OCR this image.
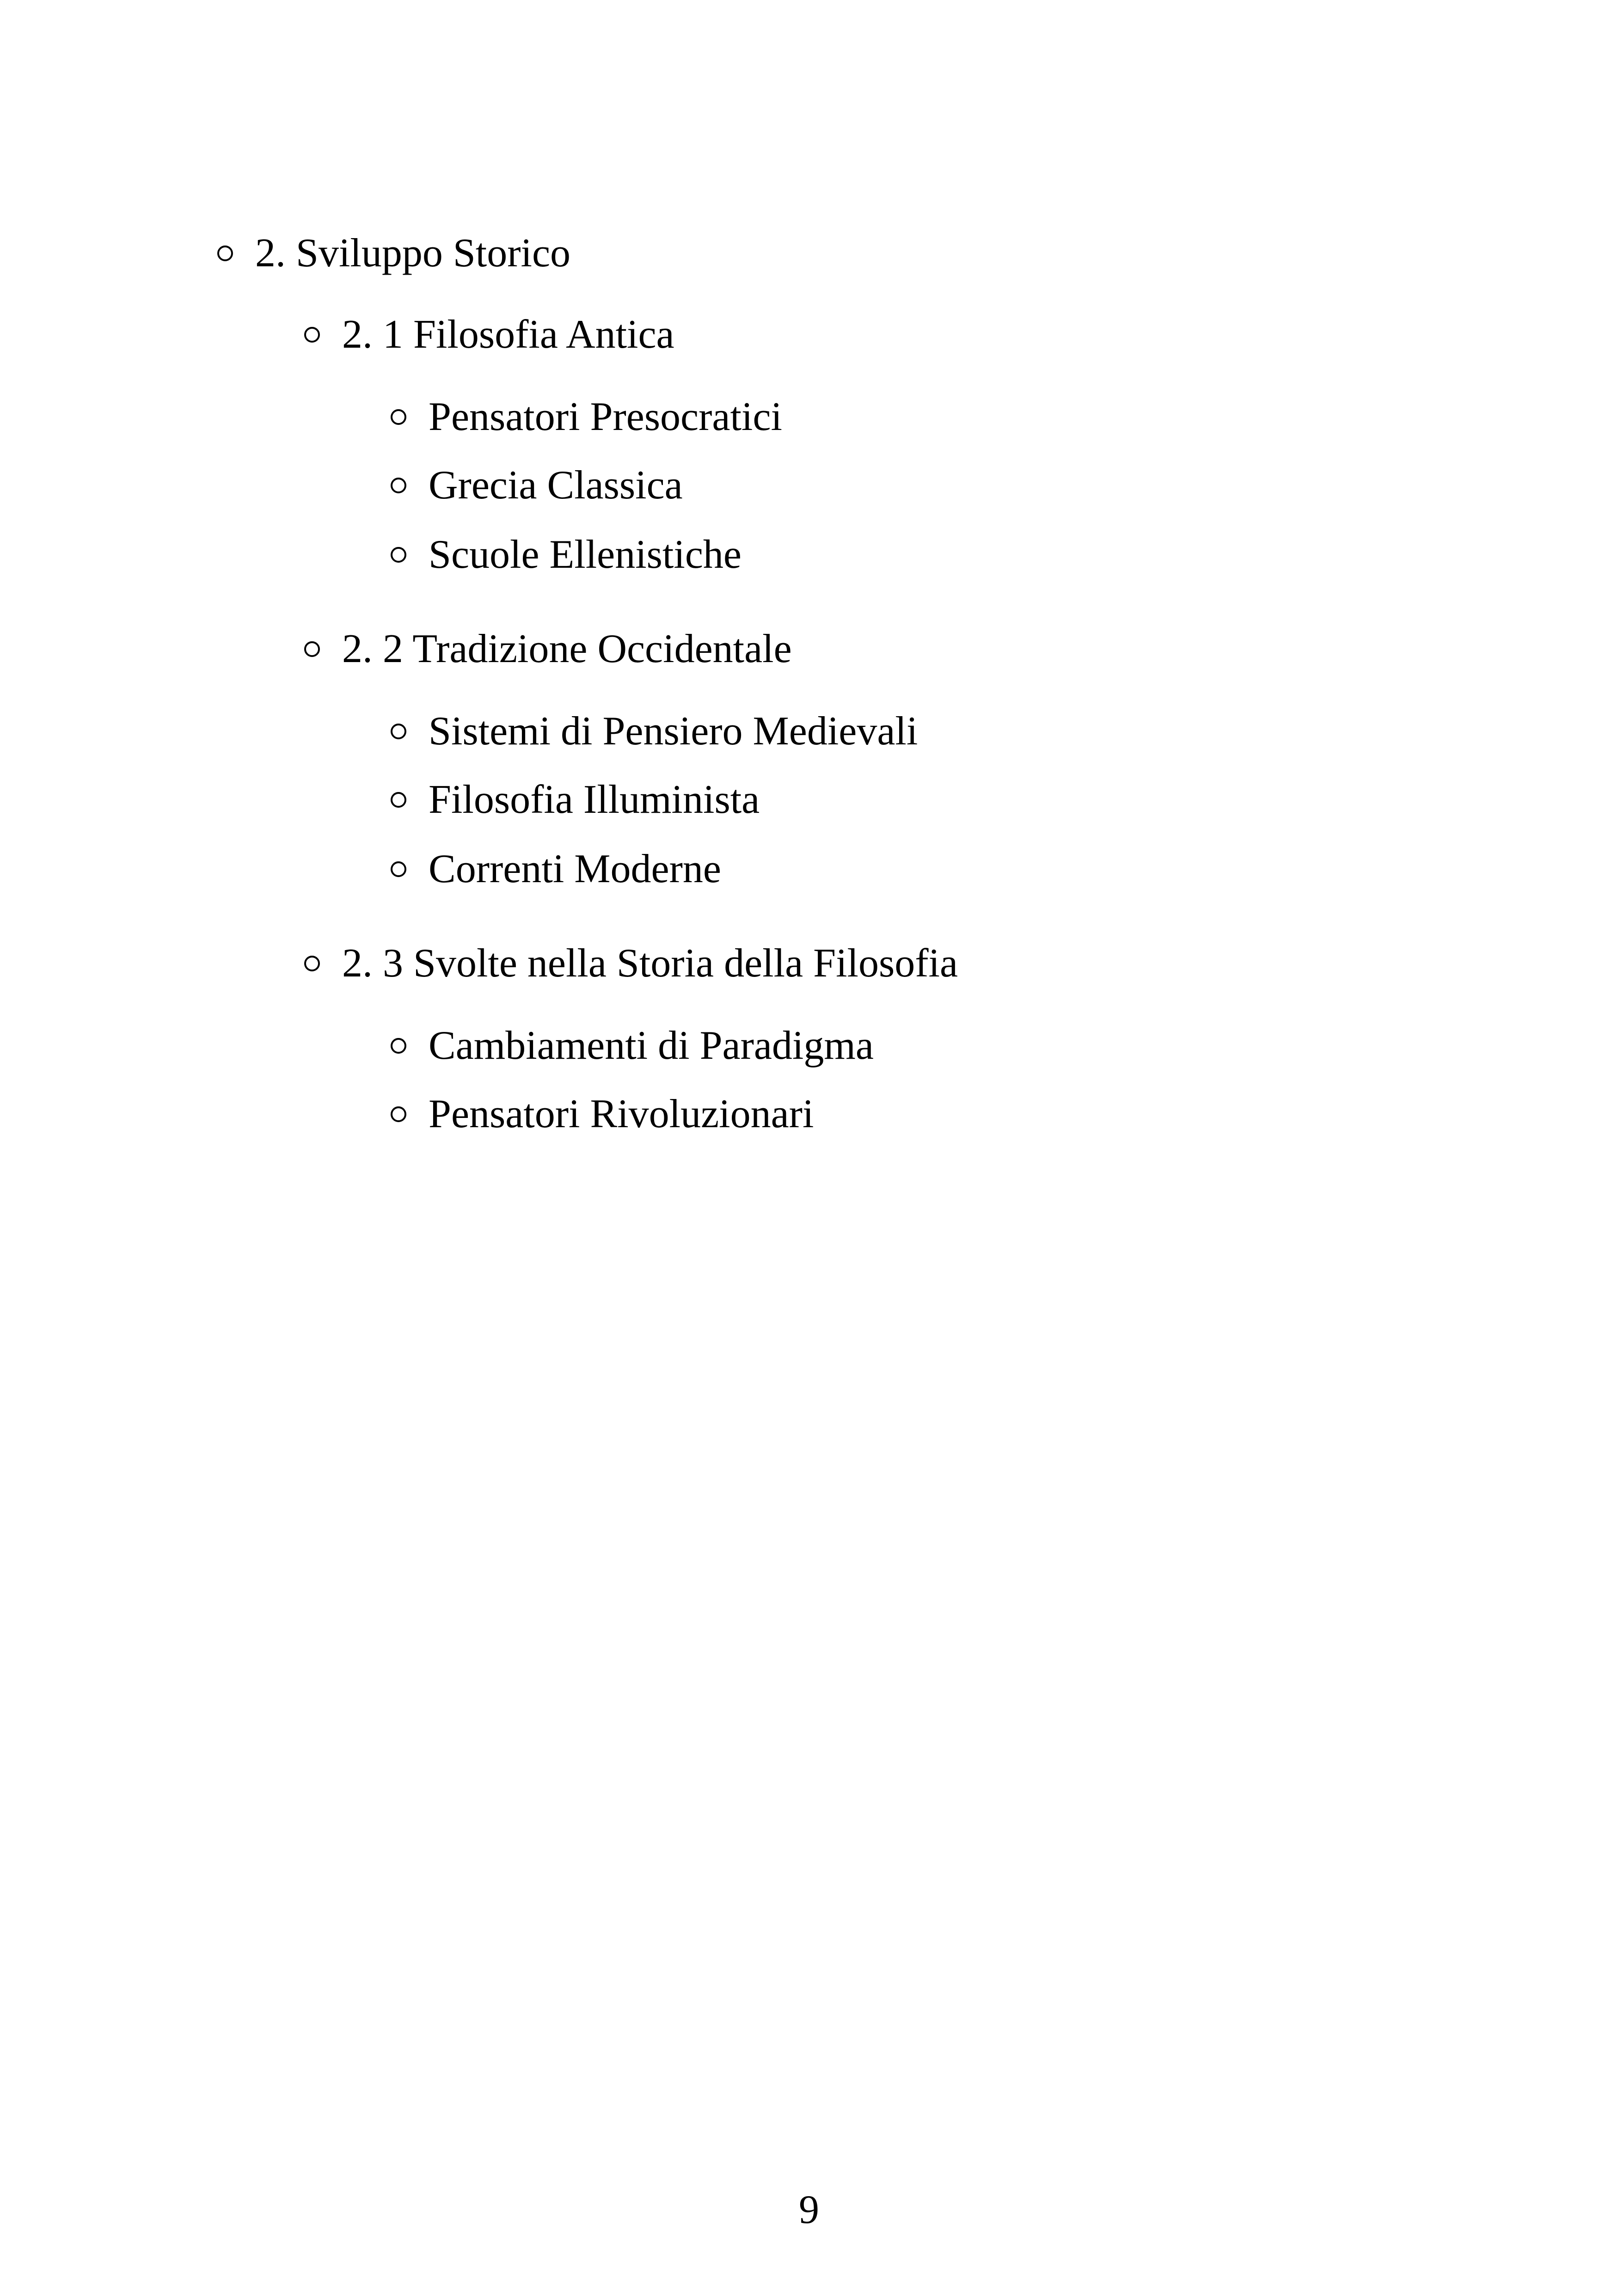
2. Sviluppo Storico
2. 1 Filosofia Antica
Pensatori Presocratici
Grecia Classica
Scuole Ellenistiche
2. 2 Tradizione Occidentale
Sistemi di Pensiero Medievali
Filosofia Illuminista
Correnti Moderne
2. 3 Svolte nella Storia della Filosofia
Cambiamenti di Paradigma
Pensatori Rivoluzionari
9
